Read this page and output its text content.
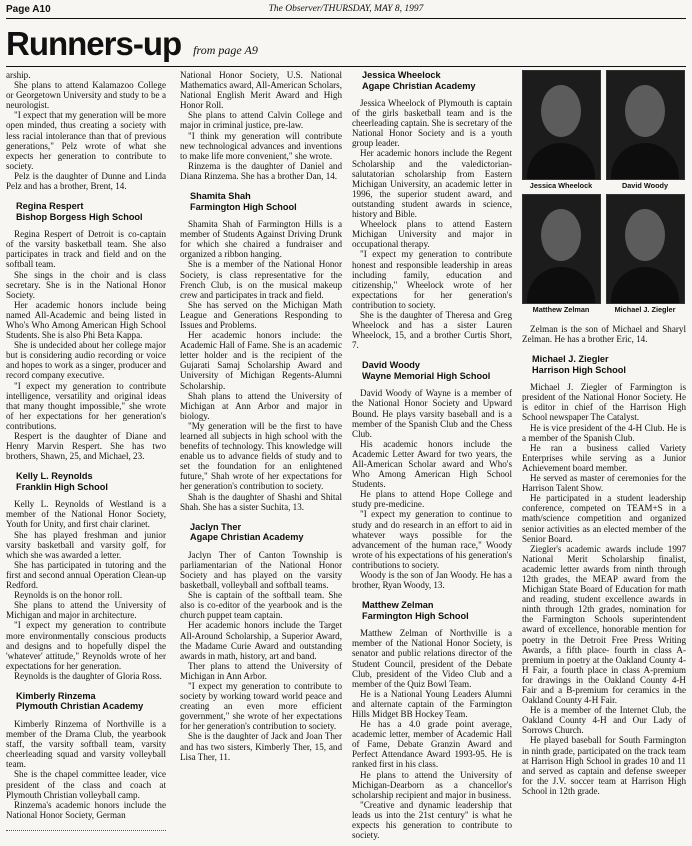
Page A10	The Observer/THURSDAY, MAY 8, 1997
Runners-up from page A9

arship.

She plans to attend Kalamazoo College or Georgetown University and study to be a neurologist.

"I expect that my generation will be more open minded, thus creating a society with less racial intolerance than that of previous generations," Pelz wrote of what she expects her generation to contribute to society.

Pelz is the daughter of Dunne and Linda Pelz and has a brother, Brent, 14.

Regina Respert
Bishop Borgess High School

Regina Respert of Detroit is co-captain of the varsity basketball team. She also participates in track and field and on the softball team.

She sings in the choir and is class secretary. She is in the National Honor Society.

Her academic honors include being named All-Academic and being listed in Who's Who Among American High School Students. She is also Phi Beta Kappa.

She is undecided about her college major but is considering audio recording or voice and hopes to work as a singer, producer and record company executive.

"I expect my generation to contribute intelligence, versatility and original ideas that many thought impossible," she wrote of her expectations for her generation's contributions.

Respert is the daughter of Diane and Henry Marvin Respert. She has two brothers, Shawn, 25, and Michael, 23.

Kelly L. Reynolds
Franklin High School

Kelly L. Reynolds of Westland is a member of the National Honor Society, Youth for Unity, and first chair clarinet.

She has played freshman and junior varsity basketball and varsity golf, for which she was awarded a letter.

She has participated in tutoring and the first and second annual Operation Clean-up Redford.

Reynolds is on the honor roll.

She plans to attend the University of Michigan and major in architecture.

"I expect my generation to contribute more environmentally conscious products and designs and to hopefully dispel the 'whatever' attitude," Reynolds wrote of her expectations for her generation.

Reynolds is the daughter of Gloria Ross.

Kimberly Rinzema
Plymouth Christian Academy

Kimberly Rinzema of Northville is a member of the Drama Club, the yearbook staff, the varsity softball team, varsity cheerleading squad and varsity volleyball team.

She is the chapel committee leader, vice president of the class and coach at Plymouth Christian volleyball camp.

Rinzema's academic honors include the National Honor Society, German

National Honor Society, U.S. National Mathematics award, All-American Scholars, National English Merit Award and High Honor Roll.

She plans to attend Calvin College and major in criminal justice, pre-law.

"I think my generation will contribute new technological advances and inventions to make life more convenient," she wrote.

Rinzema is the daughter of Daniel and Diana Rinzema. She has a brother Dan, 14.

Shamita Shah
Farmington High School

Shamita Shah of Farmington Hills is a member of Students Against Driving Drunk for which she chaired a fundraiser and organized a ribbon hanging.

She is a member of the National Honor Society, is class representative for the French Club, is on the musical makeup crew and participates in track and field.

She has served on the Michigan Math League and Generations Responding to Issues and Problems.

Her academic honors include: the Academic Hall of Fame. She is an academic letter holder and is the recipient of the Gujarati Samaj Scholarship Award and University of Michigan Regents-Alumni Scholarship.

Shah plans to attend the University of Michigan at Ann Arbor and major in biology.

"My generation will be the first to have learned all subjects in high school with the benefits of technology. This knowledge will enable us to advance fields of study and to set the foundation for an enlightened future," Shah wrote of her expectations for her generation's contribution to society.

Shah is the daughter of Shashi and Shital Shah. She has a sister Suchita, 13.

Jaclyn Ther
Agape Christian Academy

Jaclyn Ther of Canton Township is parliamentarian of the National Honor Society and has played on the varsity basketball, volleyball and softball teams.

She is captain of the softball team. She also is co-editor of the yearbook and is the church puppet team captain.

Her academic honors include the Target All-Around Scholarship, a Superior Award, the Madame Curie Award and outstanding awards in math, history, art and band.

Ther plans to attend the University of Michigan in Ann Arbor.

"I expect my generation to contribute to society by working toward world peace and creating an even more efficient government," she wrote of her expectations for her generation's contribution to society.

She is the daughter of Jack and Joan Ther and has two sisters, Kimberly Ther, 15, and Lisa Ther, 11.

Jessica Wheelock
Agape Christian Academy

Jessica Wheelock of Plymouth is captain of the girls basketball team and is the cheerleading captain. She is secretary of the National Honor Society and is a youth group leader.

Her academic honors include the Regent Scholarship and the valedictorian-salutatorian scholarship from Eastern Michigan University, an academic letter in 1996, the superior student award, and outstanding student awards in science, history and Bible.

Wheelock plans to attend Eastern Michigan University and major in occupational therapy.

"I expect my generation to contribute honest and responsible leadership in areas including family, education and citizenship," Wheelock wrote of her expectations for her generation's contribution to society.

She is the daughter of Theresa and Greg Wheelock and has a sister Lauren Wheelock, 15, and a brother Curtis Short, 7.

David Woody
Wayne Memorial High School

David Woody of Wayne is a member of the National Honor Society and Upward Bound. He plays varsity baseball and is a member of the Spanish Club and the Chess Club.

His academic honors include the Academic Letter Award for two years, the All-American Scholar award and Who's Who Among American High School Students.

He plans to attend Hope College and study pre-medicine.

"I expect my generation to continue to study and do research in an effort to aid in whatever ways possible for the advancement of the human race," Woody wrote of his expectations of his generation's contributions to society.

Woody is the son of Jan Woody. He has a brother, Ryan Woody, 13.

Matthew Zelman
Farmington High School

Matthew Zelman of Northville is a member of the National Honor Society, is senator and public relations director of the Student Council, president of the Debate Club, president of the Video Club and a member of the Quiz Bowl Team.

He is a National Young Leaders Alumni and alternate captain of the Farmington Hills Midget BB Hockey Team.

He has a 4.0 grade point average, academic letter, member of Academic Hall of Fame, Debate Granzin Award and Perfect Attendance Award 1993-95. He is ranked first in his class.

He plans to attend the University of Michigan-Dearborn as a chancellor's scholarship recipient and major in business.

"Creative and dynamic leadership that leads us into the 21st century" is what he expects his generation to contribute to society.

Jessica Wheelock	David Woody
Matthew Zelman	Michael J. Ziegler

Zelman is the son of Michael and Sharyl Zelman. He has a brother Eric, 14.

Michael J. Ziegler
Harrison High School

Michael J. Ziegler of Farmington is president of the National Honor Society. He is editor in chief of the Harrison High School newspaper The Catalyst.

He is vice president of the 4-H Club. He is a member of the Spanish Club.

He ran a business called Variety Enterprises while serving as a Junior Achievement board member.

He served as master of ceremonies for the Harrison Talent Show.

He participated in a student leadership conference, competed on TEAM+S in a math/science competition and organized senior activities as an elected member of the Senior Board.

Ziegler's academic awards include 1997 National Merit Scholarship finalist, academic letter awards from ninth through 12th grades, the MEAP award from the Michigan State Board of Education for math and reading, student excellence awards in ninth through 12th grades, nomination for the Farmington Schools superintendent award of excellence, honorable mention for poetry in the Detroit Free Press Writing Awards, a fifth place- fourth in class A-premium in poetry at the Oakland County 4-H Fair, a fourth place in class A-premium for drawings in the Oakland County 4-H Fair and a B-premium for ceramics in the Oakland County 4-H Fair.

He is a member of the Internet Club, the Oakland County 4-H and Our Lady of Sorrows Church.

He played baseball for South Farmington in ninth grade, participated on the track team at Harrison High School in grades 10 and 11 and served as captain and defense sweeper for the J.V. soccer team at Harrison High School in 12th grade.
